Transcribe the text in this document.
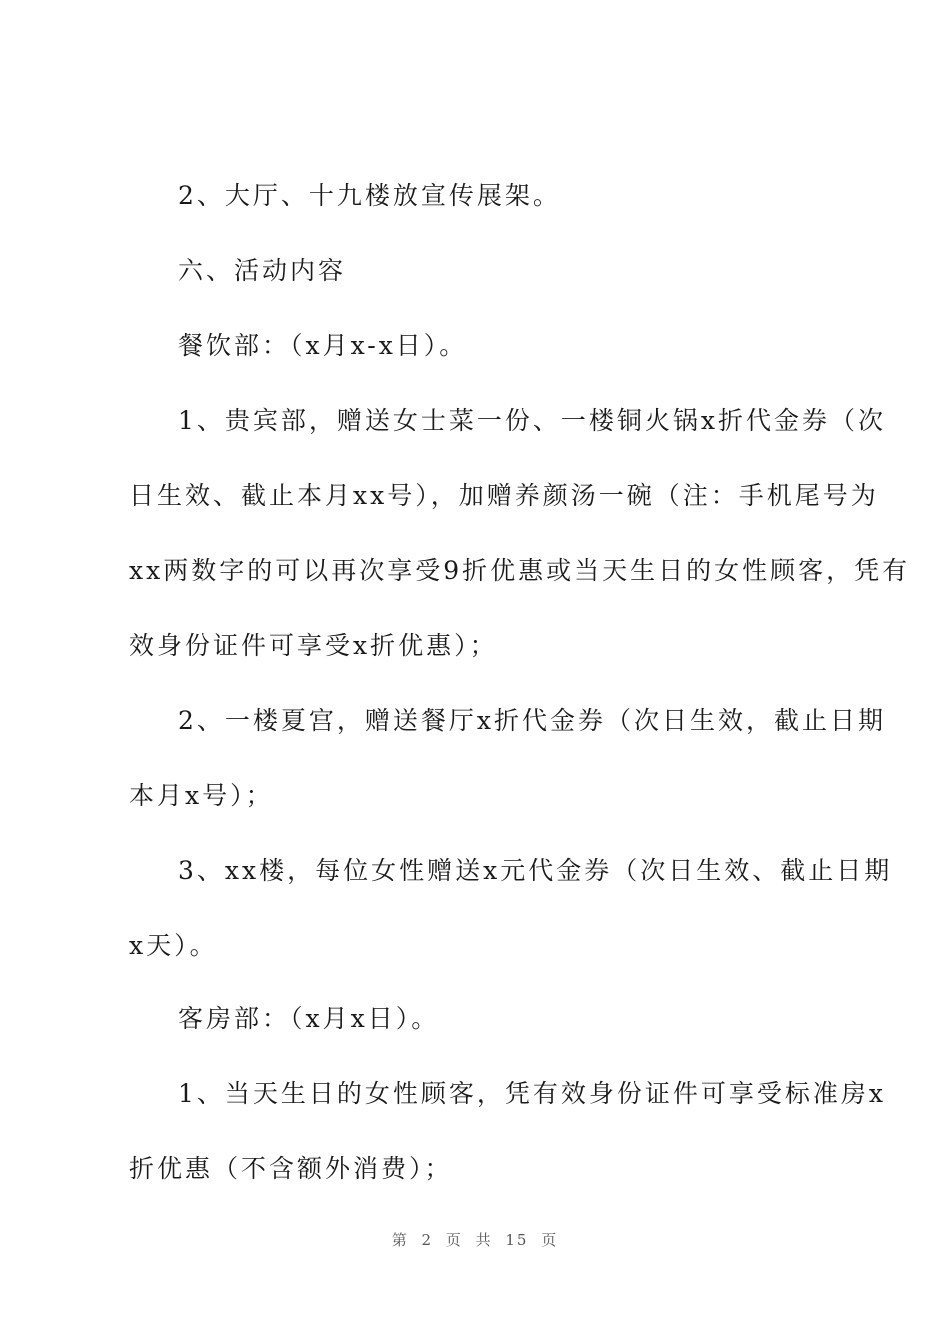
2、大厅、十九楼放宣传展架。
六、活动内容
餐饮部：（x月x-x日）。
1、贵宾部，赠送女士菜一份、一楼铜火锅x折代金券（次
日生效、截止本月xx号），加赠养颜汤一碗（注：手机尾号为
xx两数字的可以再次享受9折优惠或当天生日的女性顾客，凭有
效身份证件可享受x折优惠）；
2、一楼夏宫，赠送餐厅x折代金券（次日生效，截止日期
本月x号）；
3、xx楼，每位女性赠送x元代金券（次日生效、截止日期
x天）。
客房部：（x月x日）。
1、当天生日的女性顾客，凭有效身份证件可享受标准房x
折优惠（不含额外消费）；
第 2 页 共 15 页
